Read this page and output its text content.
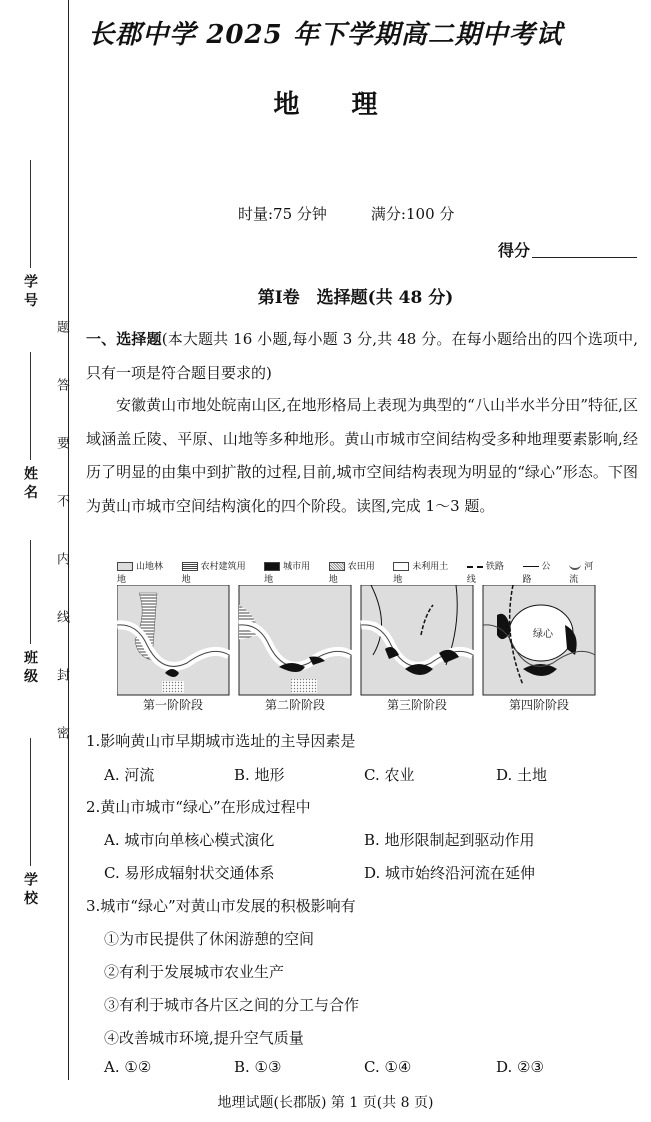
学 号
姓 名
班 级
学 校
题
答
要
不
内
线
封
密
长郡中学 2025 年下学期高二期中考试
地 理
时量:75 分钟	满分:100 分
得分
第Ⅰ卷　选择题(共 48 分)
一、选择题(本大题共 16 小题,每小题 3 分,共 48 分。在每小题给出的四个选项中,只有一项是符合题目要求的)
安徽黄山市地处皖南山区,在地形格局上表现为典型的“八山半水半分田”特征,区域涵盖丘陵、平原、山地等多种地形。黄山市城市空间结构受多种地理要素影响,经历了明显的由集中到扩散的过程,目前,城市空间结构表现为明显的“绿心”形态。下图为黄山市城市空间结构演化的四个阶段。读图,完成 1～3 题。
山地林地
农村建筑用地
城市用地
农田用地
未利用土地
铁路线
公路
河流
绿心
第一阶阶段	第二阶阶段	第三阶阶段	第四阶阶段
1.影响黄山市早期城市选址的主导因素是
A. 河流	B. 地形	C. 农业	D. 土地
2.黄山市城市“绿心”在形成过程中
A. 城市向单核心模式演化	B. 地形限制起到驱动作用
C. 易形成辐射状交通体系	D. 城市始终沿河流在延伸
3.城市“绿心”对黄山市发展的积极影响有
①为市民提供了休闲游憩的空间
②有利于发展城市农业生产
③有利于城市各片区之间的分工与合作
④改善城市环境,提升空气质量
A. ①②	B. ①③	C. ①④	D. ②③
地理试题(长郡版) 第 1 页(共 8 页)
